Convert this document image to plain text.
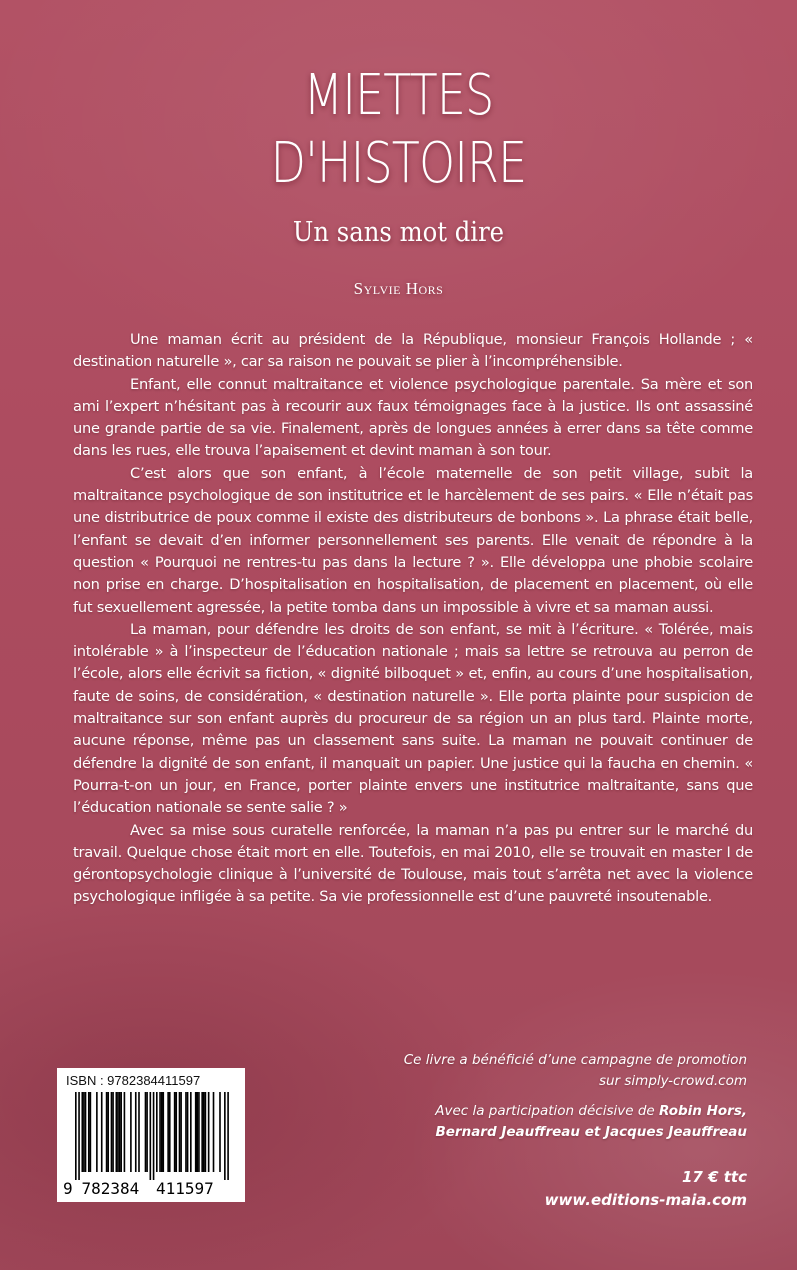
MIETTES
D'HISTOIRE
Un sans mot dire
Sylvie Hors

Une maman écrit au président de la République, monsieur François Hollande ; « destination naturelle », car sa raison ne pouvait se plier à l’incompréhensible.

Enfant, elle connut maltraitance et violence psychologique parentale. Sa mère et son ami l’expert n’hésitant pas à recourir aux faux témoignages face à la justice. Ils ont assassiné une grande partie de sa vie. Finalement, après de longues années à errer dans sa tête comme dans les rues, elle trouva l’apaisement et devint maman à son tour.

C’est alors que son enfant, à l’école maternelle de son petit village, subit la maltraitance psychologique de son institutrice et le harcèlement de ses pairs. « Elle n’était pas une distributrice de poux comme il existe des distributeurs de bonbons ». La phrase était belle, l’enfant se devait d’en informer personnellement ses parents. Elle venait de répondre à la question « Pourquoi ne rentres-tu pas dans la lecture ? ». Elle développa une phobie scolaire non prise en charge. D’hospitalisation en hospitalisation, de placement en placement, où elle fut sexuellement agressée, la petite tomba dans un impossible à vivre et sa maman aussi.

La maman, pour défendre les droits de son enfant, se mit à l’écriture. « Tolérée, mais intolérable » à l’inspecteur de l’éducation nationale ; mais sa lettre se retrouva au perron de l’école, alors elle écrivit sa fiction, « dignité bilboquet » et, enfin, au cours d’une hospitalisation, faute de soins, de considération, « destination naturelle ». Elle porta plainte pour suspicion de maltraitance sur son enfant auprès du procureur de sa région un an plus tard. Plainte morte, aucune réponse, même pas un classement sans suite. La maman ne pouvait continuer de défendre la dignité de son enfant, il manquait un papier. Une justice qui la faucha en chemin. « Pourra-t-on un jour, en France, porter plainte envers une institutrice maltraitante, sans que l’éducation nationale se sente salie ? »

Avec sa mise sous curatelle renforcée, la maman n’a pas pu entrer sur le marché du travail. Quelque chose était mort en elle. Toutefois, en mai 2010, elle se trouvait en master I de gérontopsychologie clinique à l’université de Toulouse, mais tout s’arrêta net avec la violence psychologique infligée à sa petite. Sa vie professionnelle est d’une pauvreté insoutenable.

Ce livre a bénéficié d’une campagne de promotion
sur simply-crowd.com
Avec la participation décisive de Robin Hors,
Bernard Jeauffreau et Jacques Jeauffreau
ISBN : 9782384411597
9 782384 411597
17 € ttc
www.editions-maia.com
